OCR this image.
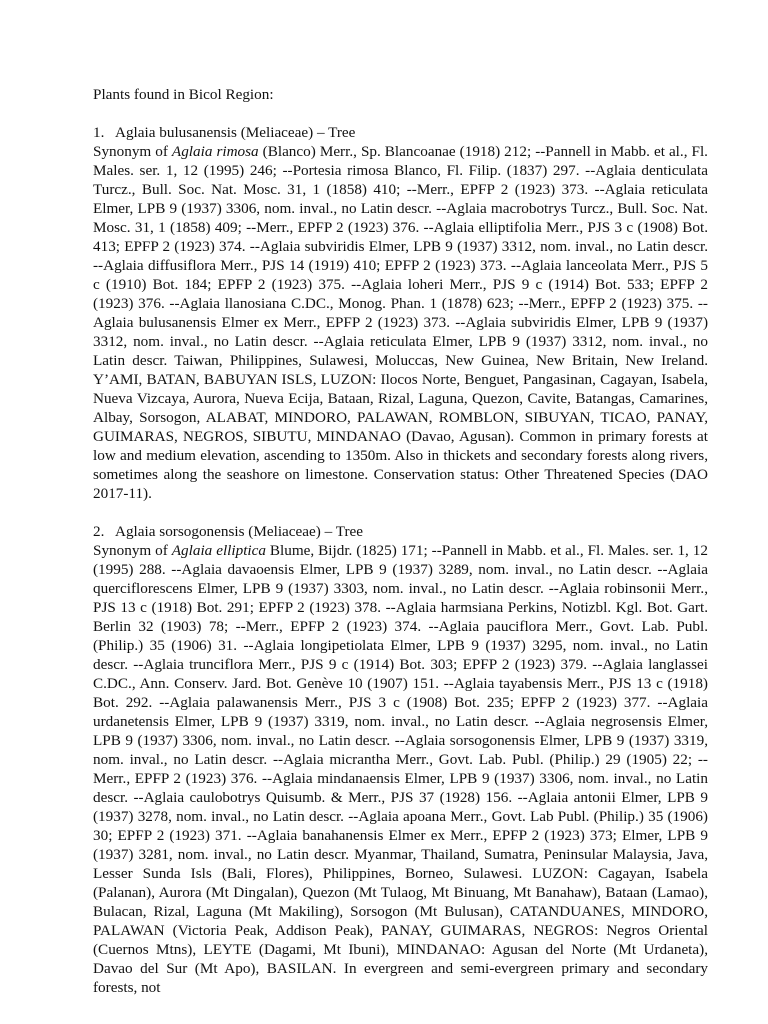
Plants found in Bicol Region:

1. Aglaia bulusanensis (Meliaceae) – Tree

Synonym of Aglaia rimosa (Blanco) Merr., Sp. Blancoanae (1918) 212; --Pannell in Mabb. et al., Fl. Males. ser. 1, 12 (1995) 246; --Portesia rimosa Blanco, Fl. Filip. (1837) 297. --Aglaia denticulata Turcz., Bull. Soc. Nat. Mosc. 31, 1 (1858) 410; --Merr., EPFP 2 (1923) 373. --Aglaia reticulata Elmer, LPB 9 (1937) 3306, nom. inval., no Latin descr. --Aglaia macrobotrys Turcz., Bull. Soc. Nat. Mosc. 31, 1 (1858) 409; --Merr., EPFP 2 (1923) 376. --Aglaia elliptifolia Merr., PJS 3 c (1908) Bot. 413; EPFP 2 (1923) 374. --Aglaia subviridis Elmer, LPB 9 (1937) 3312, nom. inval., no Latin descr. --Aglaia diffusiflora Merr., PJS 14 (1919) 410; EPFP 2 (1923) 373. --Aglaia lanceolata Merr., PJS 5 c (1910) Bot. 184; EPFP 2 (1923) 375. --Aglaia loheri Merr., PJS 9 c (1914) Bot. 533; EPFP 2 (1923) 376. --Aglaia llanosiana C.DC., Monog. Phan. 1 (1878) 623; --Merr., EPFP 2 (1923) 375. --Aglaia bulusanensis Elmer ex Merr., EPFP 2 (1923) 373. --Aglaia subviridis Elmer, LPB 9 (1937) 3312, nom. inval., no Latin descr. --Aglaia reticulata Elmer, LPB 9 (1937) 3312, nom. inval., no Latin descr. Taiwan, Philippines, Sulawesi, Moluccas, New Guinea, New Britain, New Ireland. Y’AMI, BATAN, BABUYAN ISLS, LUZON: Ilocos Norte, Benguet, Pangasinan, Cagayan, Isabela, Nueva Vizcaya, Aurora, Nueva Ecija, Bataan, Rizal, Laguna, Quezon, Cavite, Batangas, Camarines, Albay, Sorsogon, ALABAT, MINDORO, PALAWAN, ROMBLON, SIBUYAN, TICAO, PANAY, GUIMARAS, NEGROS, SIBUTU, MINDANAO (Davao, Agusan). Common in primary forests at low and medium elevation, ascending to 1350m. Also in thickets and secondary forests along rivers, sometimes along the seashore on limestone. Conservation status: Other Threatened Species (DAO 2017-11).

2. Aglaia sorsogonensis (Meliaceae) – Tree

Synonym of Aglaia elliptica Blume, Bijdr. (1825) 171; --Pannell in Mabb. et al., Fl. Males. ser. 1, 12 (1995) 288. --Aglaia davaoensis Elmer, LPB 9 (1937) 3289, nom. inval., no Latin descr. --Aglaia querciflorescens Elmer, LPB 9 (1937) 3303, nom. inval., no Latin descr. --Aglaia robinsonii Merr., PJS 13 c (1918) Bot. 291; EPFP 2 (1923) 378. --Aglaia harmsiana Perkins, Notizbl. Kgl. Bot. Gart. Berlin 32 (1903) 78; --Merr., EPFP 2 (1923) 374. --Aglaia pauciflora Merr., Govt. Lab. Publ. (Philip.) 35 (1906) 31. --Aglaia longipetiolata Elmer, LPB 9 (1937) 3295, nom. inval., no Latin descr. --Aglaia trunciflora Merr., PJS 9 c (1914) Bot. 303; EPFP 2 (1923) 379. --Aglaia langlassei C.DC., Ann. Conserv. Jard. Bot. Genève 10 (1907) 151. --Aglaia tayabensis Merr., PJS 13 c (1918) Bot. 292. --Aglaia palawanensis Merr., PJS 3 c (1908) Bot. 235; EPFP 2 (1923) 377. --Aglaia urdanetensis Elmer, LPB 9 (1937) 3319, nom. inval., no Latin descr. --Aglaia negrosensis Elmer, LPB 9 (1937) 3306, nom. inval., no Latin descr. --Aglaia sorsogonensis Elmer, LPB 9 (1937) 3319, nom. inval., no Latin descr. --Aglaia micrantha Merr., Govt. Lab. Publ. (Philip.) 29 (1905) 22; --Merr., EPFP 2 (1923) 376. --Aglaia mindanaensis Elmer, LPB 9 (1937) 3306, nom. inval., no Latin descr. --Aglaia caulobotrys Quisumb. & Merr., PJS 37 (1928) 156. --Aglaia antonii Elmer, LPB 9 (1937) 3278, nom. inval., no Latin descr. --Aglaia apoana Merr., Govt. Lab Publ. (Philip.) 35 (1906) 30; EPFP 2 (1923) 371. --Aglaia banahanensis Elmer ex Merr., EPFP 2 (1923) 373; Elmer, LPB 9 (1937) 3281, nom. inval., no Latin descr. Myanmar, Thailand, Sumatra, Peninsular Malaysia, Java, Lesser Sunda Isls (Bali, Flores), Philippines, Borneo, Sulawesi. LUZON: Cagayan, Isabela (Palanan), Aurora (Mt Dingalan), Quezon (Mt Tulaog, Mt Binuang, Mt Banahaw), Bataan (Lamao), Bulacan, Rizal, Laguna (Mt Makiling), Sorsogon (Mt Bulusan), CATANDUANES, MINDORO, PALAWAN (Victoria Peak, Addison Peak), PANAY, GUIMARAS, NEGROS: Negros Oriental (Cuernos Mtns), LEYTE (Dagami, Mt Ibuni), MINDANAO: Agusan del Norte (Mt Urdaneta), Davao del Sur (Mt Apo), BASILAN. In evergreen and semi-evergreen primary and secondary forests, not
